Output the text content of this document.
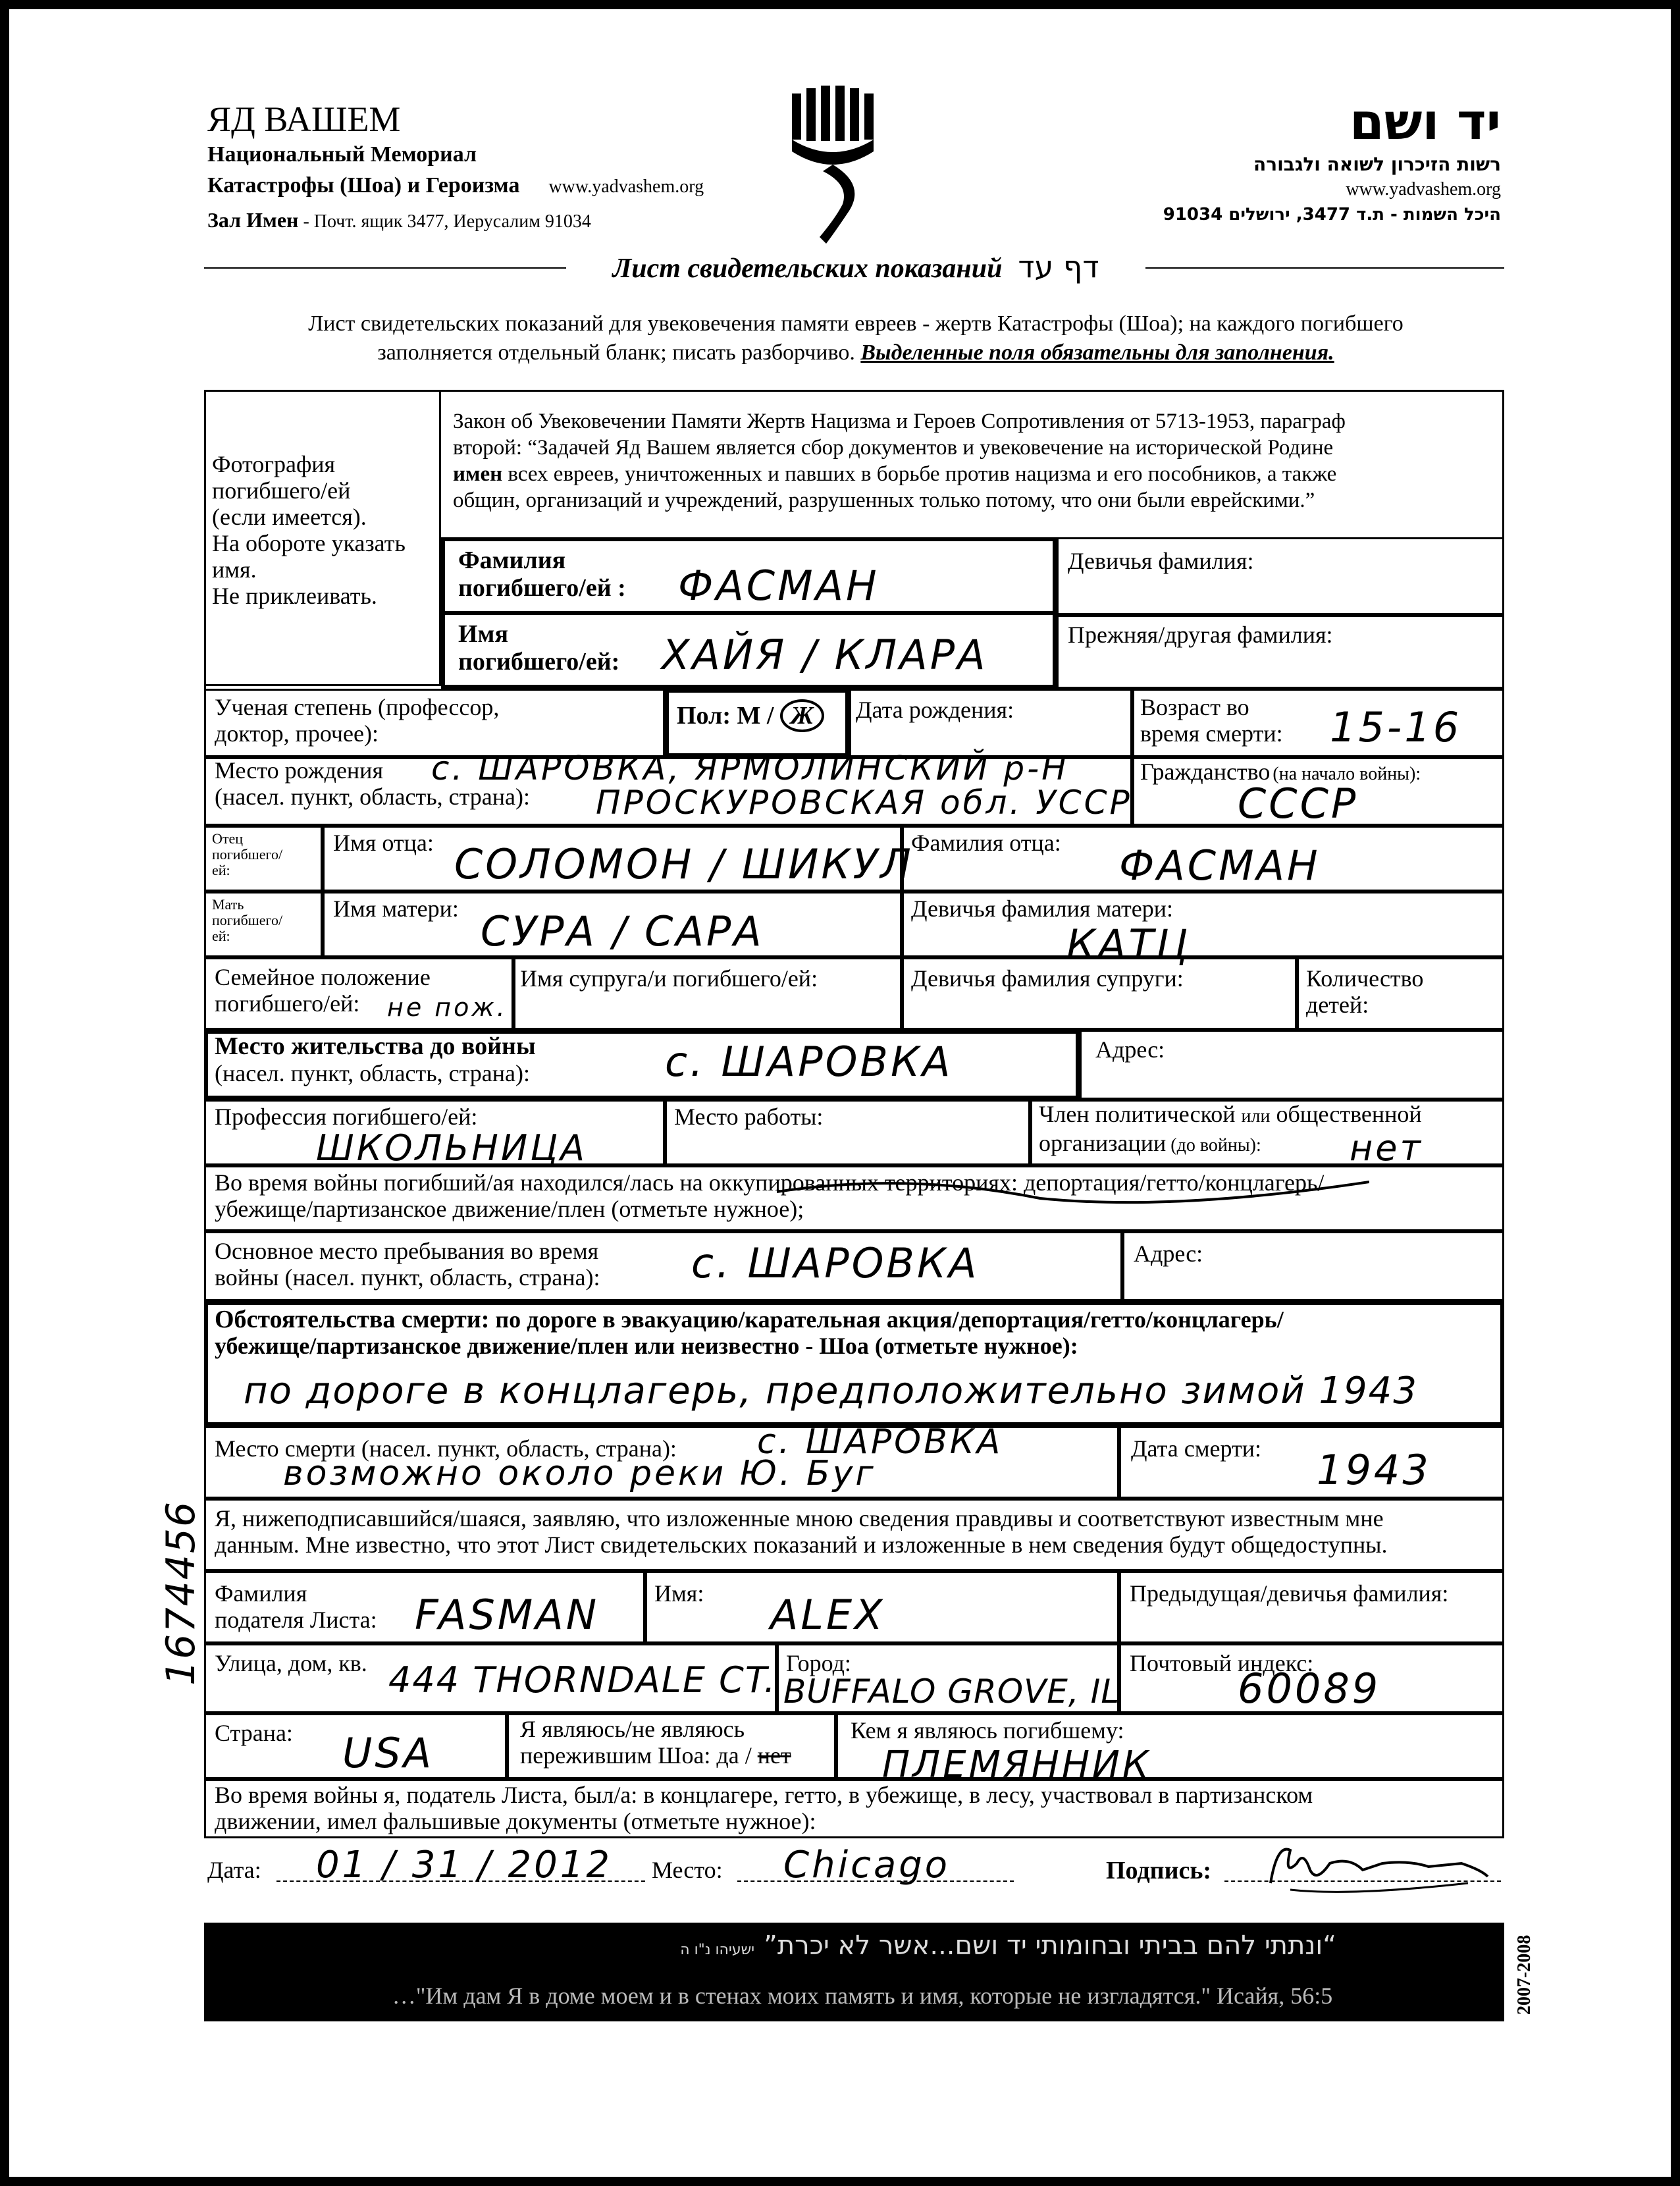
ЯД ВАШЕМ
Национальный Мемориал
Катастрофы (Шоа) и Героизма www.yadvashem.org
Зал Имен - Почт. ящик 3477, Иерусалим 91034
יד ושם
רשות הזיכרון לשואה ולגבורה
www.yadvashem.org
היכל השמות - ת.ד 3477, ירושלים 91034
Лист свидетельских показаний דף עד
Лист свидетельских показаний для увековечения памяти евреев - жертв Катастрофы (Шоа); на каждого погибшего
заполняется отдельный бланк; писать разборчиво. Выделенные поля обязательны для заполнения.
Фотография
погибшего/ей
(если имеется).
На обороте указать
имя.
Не приклеивать.
Закон об Увековечении Памяти Жертв Нацизма и Героев Сопротивления от 5713-1953, параграф
второй: “Задачей Яд Вашем является сбор документов и увековечение на исторической Родине
имен всех евреев, уничтоженных и павших в борьбе против нацизма и его пособников, а также
общин, организаций и учреждений, разрушенных только потому, что они были еврейскими.”
Фамилия
погибшего/ей : ФАСМАН
Девичья фамилия:
Имя
погибшего/ей: ХАЙЯ / КЛАРА	Прежняя/другая фамилия:
Ученая степень (профессор,
доктор, прочее):
Пол: М / Ж	Дата рождения:	Возраст во
время смерти: 15-16
Место рождения
(насел. пункт, область, страна):
с. ШАРОВКА, ЯРМОЛИНСКИЙ р-Н
ПРОСКУРОВСКАЯ обл. УССР
Гражданство (на начало войны):
СССР
Отец
погибшего/
ей:
Имя отца: СОЛОМОН / ШИКУЛ
Фамилия отца: ФАСМАН
Мать
погибшего/
ей:
Имя матери: СУРА / САРА	Девичья фамилия матери:
КАТЦ
Семейное положение
погибшего/ей:	не пож.
Имя супруга/и погибшего/ей:	Девичья фамилия супруги:	Количество
детей:
Место жительства до войны
(насел. пункт, область, страна):	с. ШАРОВКА	Адрес:
Профессия погибшего/ей:
ШКОЛЬНИЦА
Место работы:	Член политической или общественной
организации (до войны):	нет
Во время войны погибший/ая находился/лась на оккупированных территориях: депортация/гетто/концлагерь/
убежище/партизанское движение/плен (отметьте нужное);
Основное место пребывания во время
войны (насел. пункт, область, страна): с. ШАРОВКА	Адрес:
Обстоятельства смерти: по дороге в эвакуацию/карательная акция/депортация/гетто/концлагерь/
убежище/партизанское движение/плен или неизвестно - Шоа (отметьте нужное):
по дороге в концлагерь, предположительно зимой 1943
Место смерти (насел. пункт, область, страна): с. ШАРОВКА
возможно около реки Ю. Буг
Дата смерти: 1943
Я, нижеподписавшийся/шаяся, заявляю, что изложенные мною сведения правдивы и соответствуют известным мне
данным. Мне известно, что этот Лист свидетельских показаний и изложенные в нем сведения будут общедоступны.
Фамилия
подателя Листа: FASMAN Имя: ALEX	Предыдущая/девичья фамилия:
Улица, дом, кв. 444 THORNDALE CT. Город:
BUFFALO GROVE, IL
Почтовый индекс:
60089
Страна: USA	Я являюсь/не являюсь
пережившим Шоа: да / нет
Кем я являюсь погибшему:
ПЛЕМЯННИК
Во время войны я, податель Листа, был/а: в концлагере, гетто, в убежище, в лесу, участвовал в партизанском
движении, имел фальшивые документы (отметьте нужное):
Дата: 01 / 31 / 2012 Место: Chicago	Подпись:
“ונתתי להם בביתי ובחומותי יד ושם...אשר לא יכרת” ישעיהו נ"ו ה
…"Им дам Я в доме моем и в стенах моих память и имя, которые не изгладятся." Исайя, 56:5	2007-2008
1674456
